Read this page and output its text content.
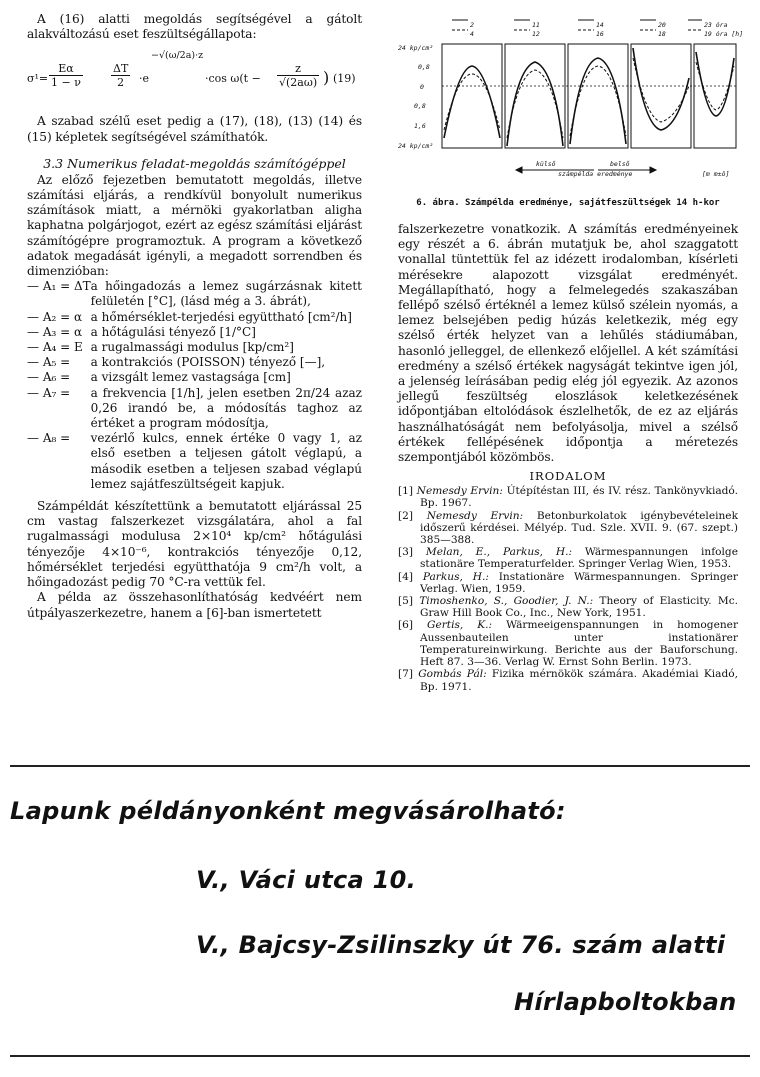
A (16) alatti megoldás segítségével a gátolt alakváltozású eset feszültségállapota:

$\sigma^1= \frac{E\alpha}{1 - \nu}$	$\frac{\Delta T}{2} \cdot e$
−√(ω/2a)·z
·cos $\omega(t - \frac{z}{√(2a\omega)}$ ) (19)

A szabad szélű eset pedig a (17), (18), (13) (14) és (15) képletek segítségével számíthatók.

3.3 Numerikus feladat-megoldás számítógéppel

Az előző fejezetben bemutatott megoldás, illetve számítási eljárás, a rendkívül bonyolult numerikus számítások miatt, a mérnöki gyakorlatban aligha kaphatna polgárjogot, ezért az egész számítási eljárást számítógépre programoztuk. A program a következő adatok megadását igényli, a megadott sorrendben és dimenzióban:

— A₁ = ΔT	a hőingadozás a lemez sugárzásnak kitett felületén [°C], (lásd még a 3. ábrát),
— A₂ = α	a hőmérséklet-terjedési együttható [cm²/h]
— A₃ = α	a hőtágulási tényező [1/°C]
— A₄ = E	a rugalmassági modulus [kp/cm²]
— A₅ =	a kontrakciós (POISSON) tényező [—],
— A₆ =	a vizsgált lemez vastagsága [cm]
— A₇ =	a frekvencia [1/h], jelen esetben 2π/24 azaz 0,26 irandó be, a módosítás taghoz az értéket a program módosítja,
— A₈ =	vezérlő kulcs, ennek értéke 0 vagy 1, az első esetben a teljesen gátolt véglapú, a második esetben a teljesen szabad véglapú lemez sajátfeszültségeit kapjuk.

Számpéldát készítettünk a bemutatott eljárással 25 cm vastag falszerkezet vizsgálatára, ahol a fal rugalmassági modulusa 2×10⁴ kp/cm² hőtágulási tényezője 4×10⁻⁶, kontrakciós tényezője 0,12, hőmérséklet terjedési együtthatója 9 cm²/h volt, a hőingadozást pedig 70 °C-ra vettük fel.

A példa az összehasonlíthatóság kedvéért nem útpályaszerkezetre, hanem a [6]-ban ismertetett

24 kp/cm²
0,8
0
0,8
1,6
24 kp/cm²
2
4
11
12
14
16
20
18
23 óra
19 óra [h]
külső	belső
számpélda eredménye	[m m±ö]

6. ábra. Számpélda eredménye, sajátfeszültségek 14 h-kor

falszerkezetre vonatkozik. A számítás eredményeinek egy részét a 6. ábrán mutatjuk be, ahol szaggatott vonallal tüntettük fel az idézett irodalomban, kísérleti mérésekre alapozott vizsgálat eredményét. Megállapítható, hogy a felmelegedés szakaszában fellépő szélső értéknél a lemez külső szélein nyomás, a lemez belsejében pedig húzás keletkezik, még egy szélső érték helyzet van a lehűlés stádiumában, hasonló jelleggel, de ellenkező előjellel. A két számítási eredmény a szélső értékek nagyságát tekintve igen jól, a jelenség leírásában pedig elég jól egyezik. Az azonos jellegű feszültség eloszlások keletkezésének időpontjában eltolódások észlelhetők, de ez az eljárás használhatóságát nem befolyásolja, mivel a szélső értékek fellépésének időpontja a méretezés szempontjából közömbös.

IRODALOM

[1] Nemesdy Ervin: Útépítéstan III, és IV. rész. Tankönyvkiadó. Bp. 1967.

[2] Nemesdy Ervin: Betonburkolatok igénybevételeinek időszerű kérdései. Mélyép. Tud. Szle. XVII. 9. (67. szept.) 385—388.

[3] Melan, E., Parkus, H.: Wärmespannungen infolge stationäre Temperaturfelder. Springer Verlag Wien, 1953.

[4] Parkus, H.: Instationäre Wärmespannungen. Springer Verlag. Wien, 1959.

[5] Timoshenko, S., Goodier, J. N.: Theory of Elasticity. Mc. Graw Hill Book Co., Inc., New York, 1951.

[6] Gertis, K.: Wärmeeigenspannungen in homogener Aussenbauteilen unter instationärer Temperatureinwirkung. Berichte aus der Bauforschung. Heft 87. 3—36. Verlag W. Ernst Sohn Berlin. 1973.

[7] Gombás Pál: Fizika mérnökök számára. Akadémiai Kiadó, Bp. 1971.

Lapunk példányonként megvásárolható:
V., Váci utca 10.
V., Bajcsy-Zsilinszky út 76. szám alatti
Hírlapboltokban
